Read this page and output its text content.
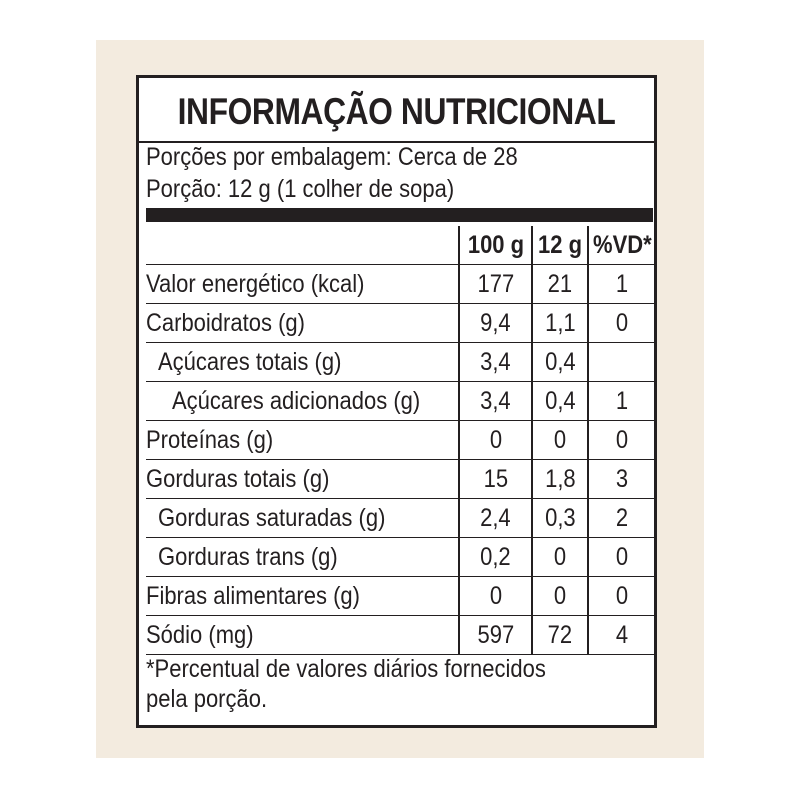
INFORMAÇÃO NUTRICIONAL
Porções por embalagem: Cerca de 28
Porção: 12 g (1 colher de sopa)
	100 g	12 g	%VD*
Valor energético (kcal)	177	21	1
Carboidratos (g)	9,4	1,1	0
Açúcares totais (g)	3,4	0,4	
Açúcares adicionados (g)	3,4	0,4	1
Proteínas (g)	0	0	0
Gorduras totais (g)	15	1,8	3
Gorduras saturadas (g)	2,4	0,3	2
Gorduras trans (g)	0,2	0	0
Fibras alimentares (g)	0	0	0
Sódio (mg)	597	72	4
*Percentual de valores diários fornecidos
pela porção.
